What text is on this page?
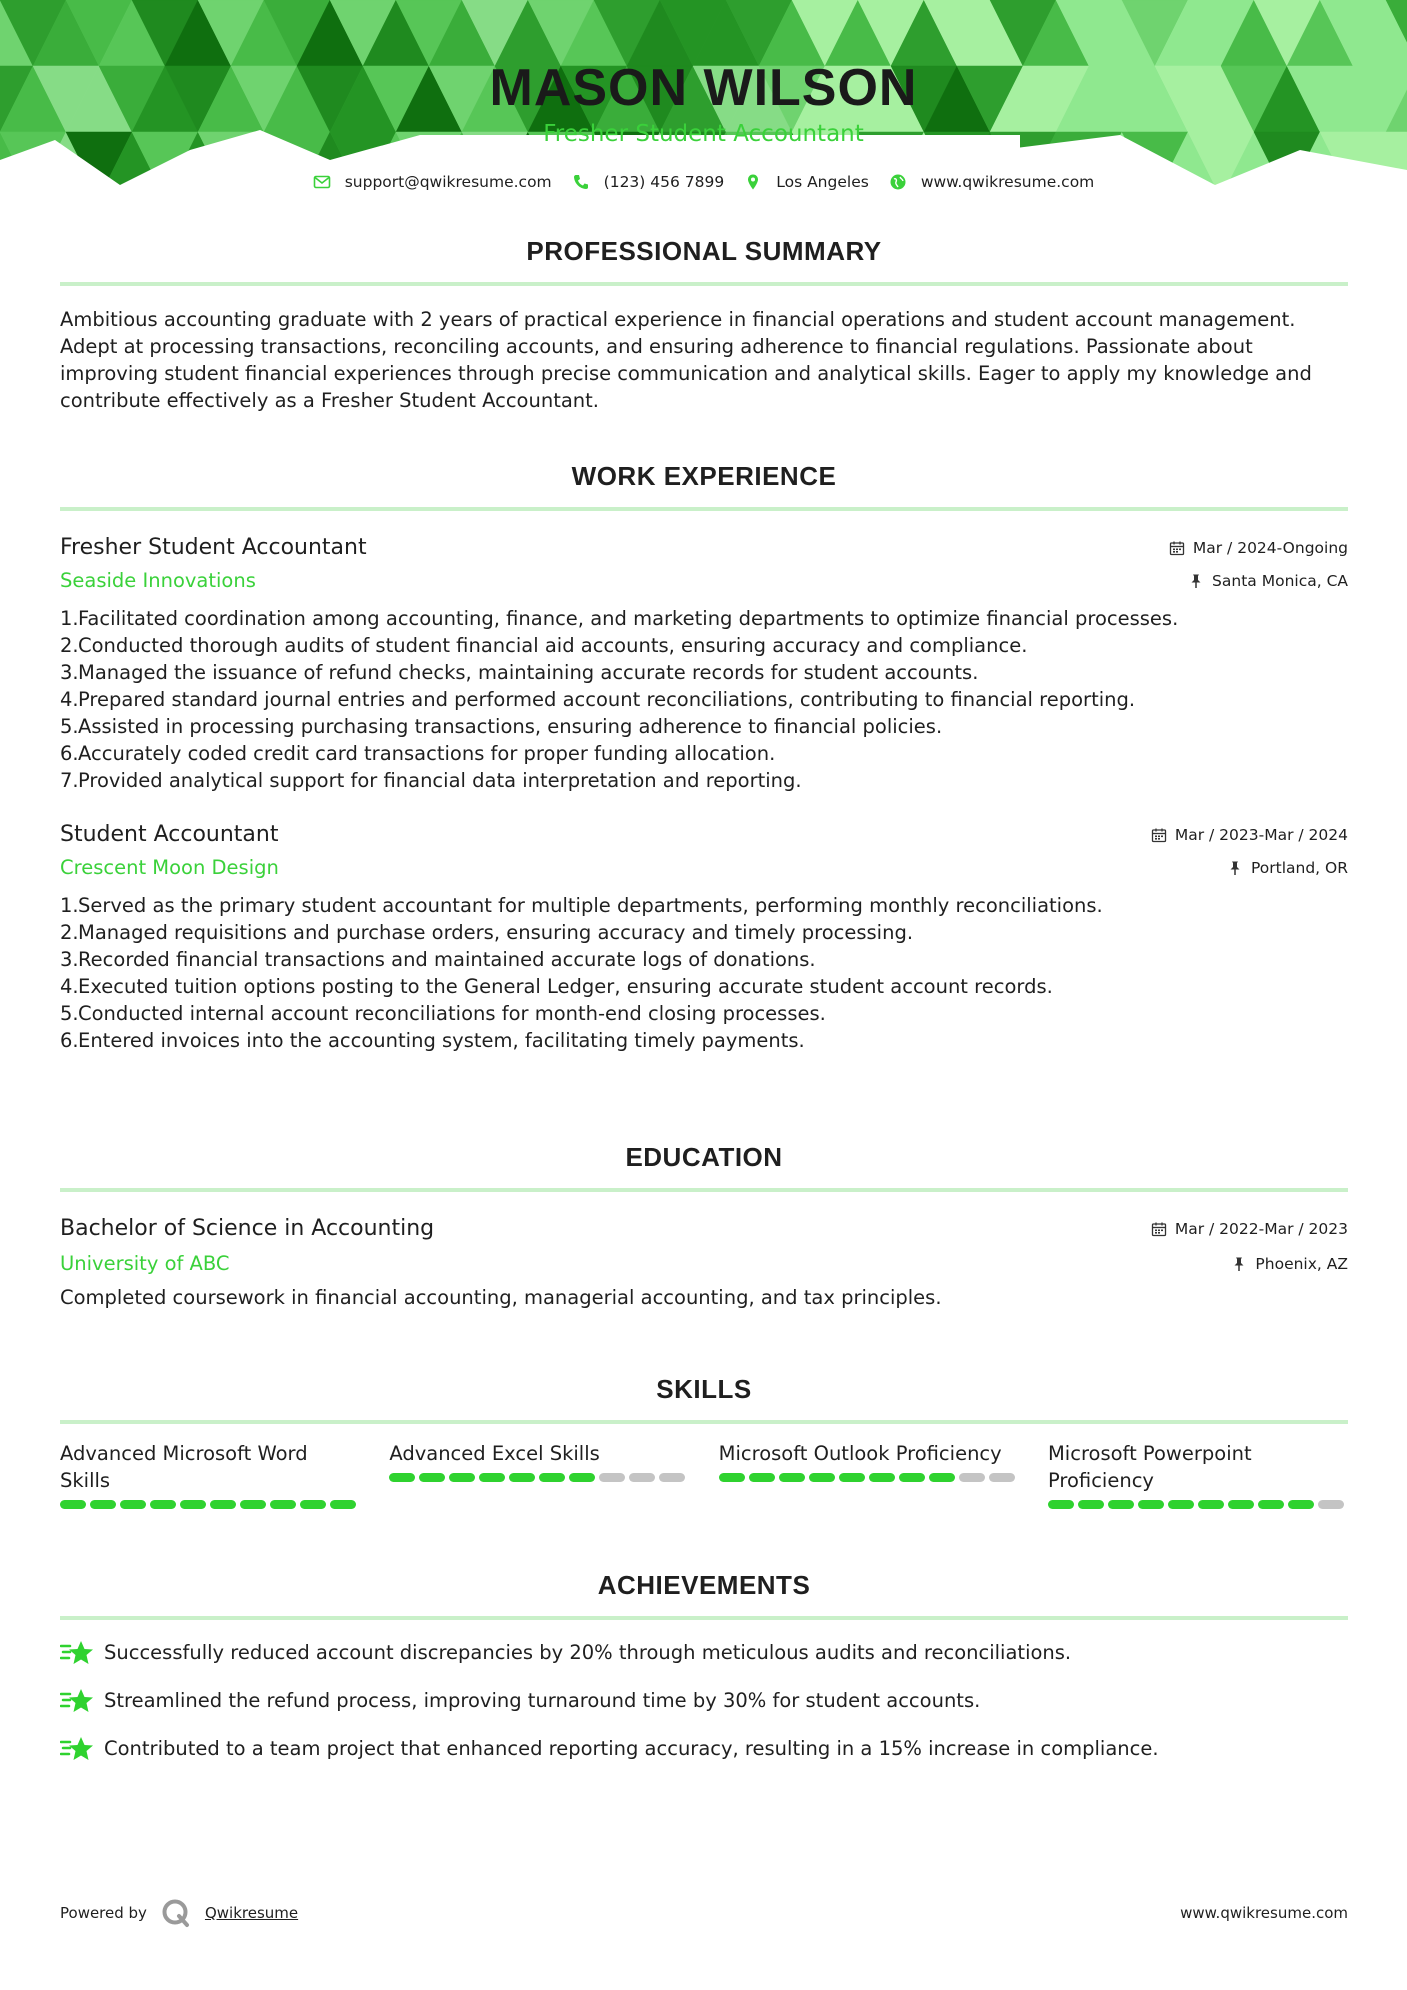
MASON WILSON
Fresher Student Accountant
support@qwikresume.com	(123) 456 7899	Los Angeles	www.qwikresume.com
PROFESSIONAL SUMMARY

Ambitious accounting graduate with 2 years of practical experience in financial operations and student account management. Adept at processing transactions, reconciling accounts, and ensuring adherence to financial regulations. Passionate about improving student financial experiences through precise communication and analytical skills. Eager to apply my knowledge and contribute effectively as a Fresher Student Accountant.

WORK EXPERIENCE
Fresher Student Accountant	Mar / 2024-Ongoing
Seaside Innovations	Santa Monica, CA
1. Facilitated coordination among accounting, finance, and marketing departments to optimize financial processes.
2. Conducted thorough audits of student financial aid accounts, ensuring accuracy and compliance.
3. Managed the issuance of refund checks, maintaining accurate records for student accounts.
4. Prepared standard journal entries and performed account reconciliations, contributing to financial reporting.
5. Assisted in processing purchasing transactions, ensuring adherence to financial policies.
6. Accurately coded credit card transactions for proper funding allocation.
7. Provided analytical support for financial data interpretation and reporting.
Student Accountant	Mar / 2023-Mar / 2024
Crescent Moon Design	Portland, OR
1. Served as the primary student accountant for multiple departments, performing monthly reconciliations.
2. Managed requisitions and purchase orders, ensuring accuracy and timely processing.
3. Recorded financial transactions and maintained accurate logs of donations.
4. Executed tuition options posting to the General Ledger, ensuring accurate student account records.
5. Conducted internal account reconciliations for month-end closing processes.
6. Entered invoices into the accounting system, facilitating timely payments.
EDUCATION
Bachelor of Science in Accounting	Mar / 2022-Mar / 2023
University of ABC	Phoenix, AZ

Completed coursework in financial accounting, managerial accounting, and tax principles.

SKILLS
Advanced Microsoft Word Skills
Advanced Excel Skills	Microsoft Outlook Proficiency	Microsoft Powerpoint Proficiency
ACHIEVEMENTS
Successfully reduced account discrepancies by 20% through meticulous audits and reconciliations.
Streamlined the refund process, improving turnaround time by 30% for student accounts.
Contributed to a team project that enhanced reporting accuracy, resulting in a 15% increase in compliance.
Powered by	Qwikresume	www.qwikresume.com
